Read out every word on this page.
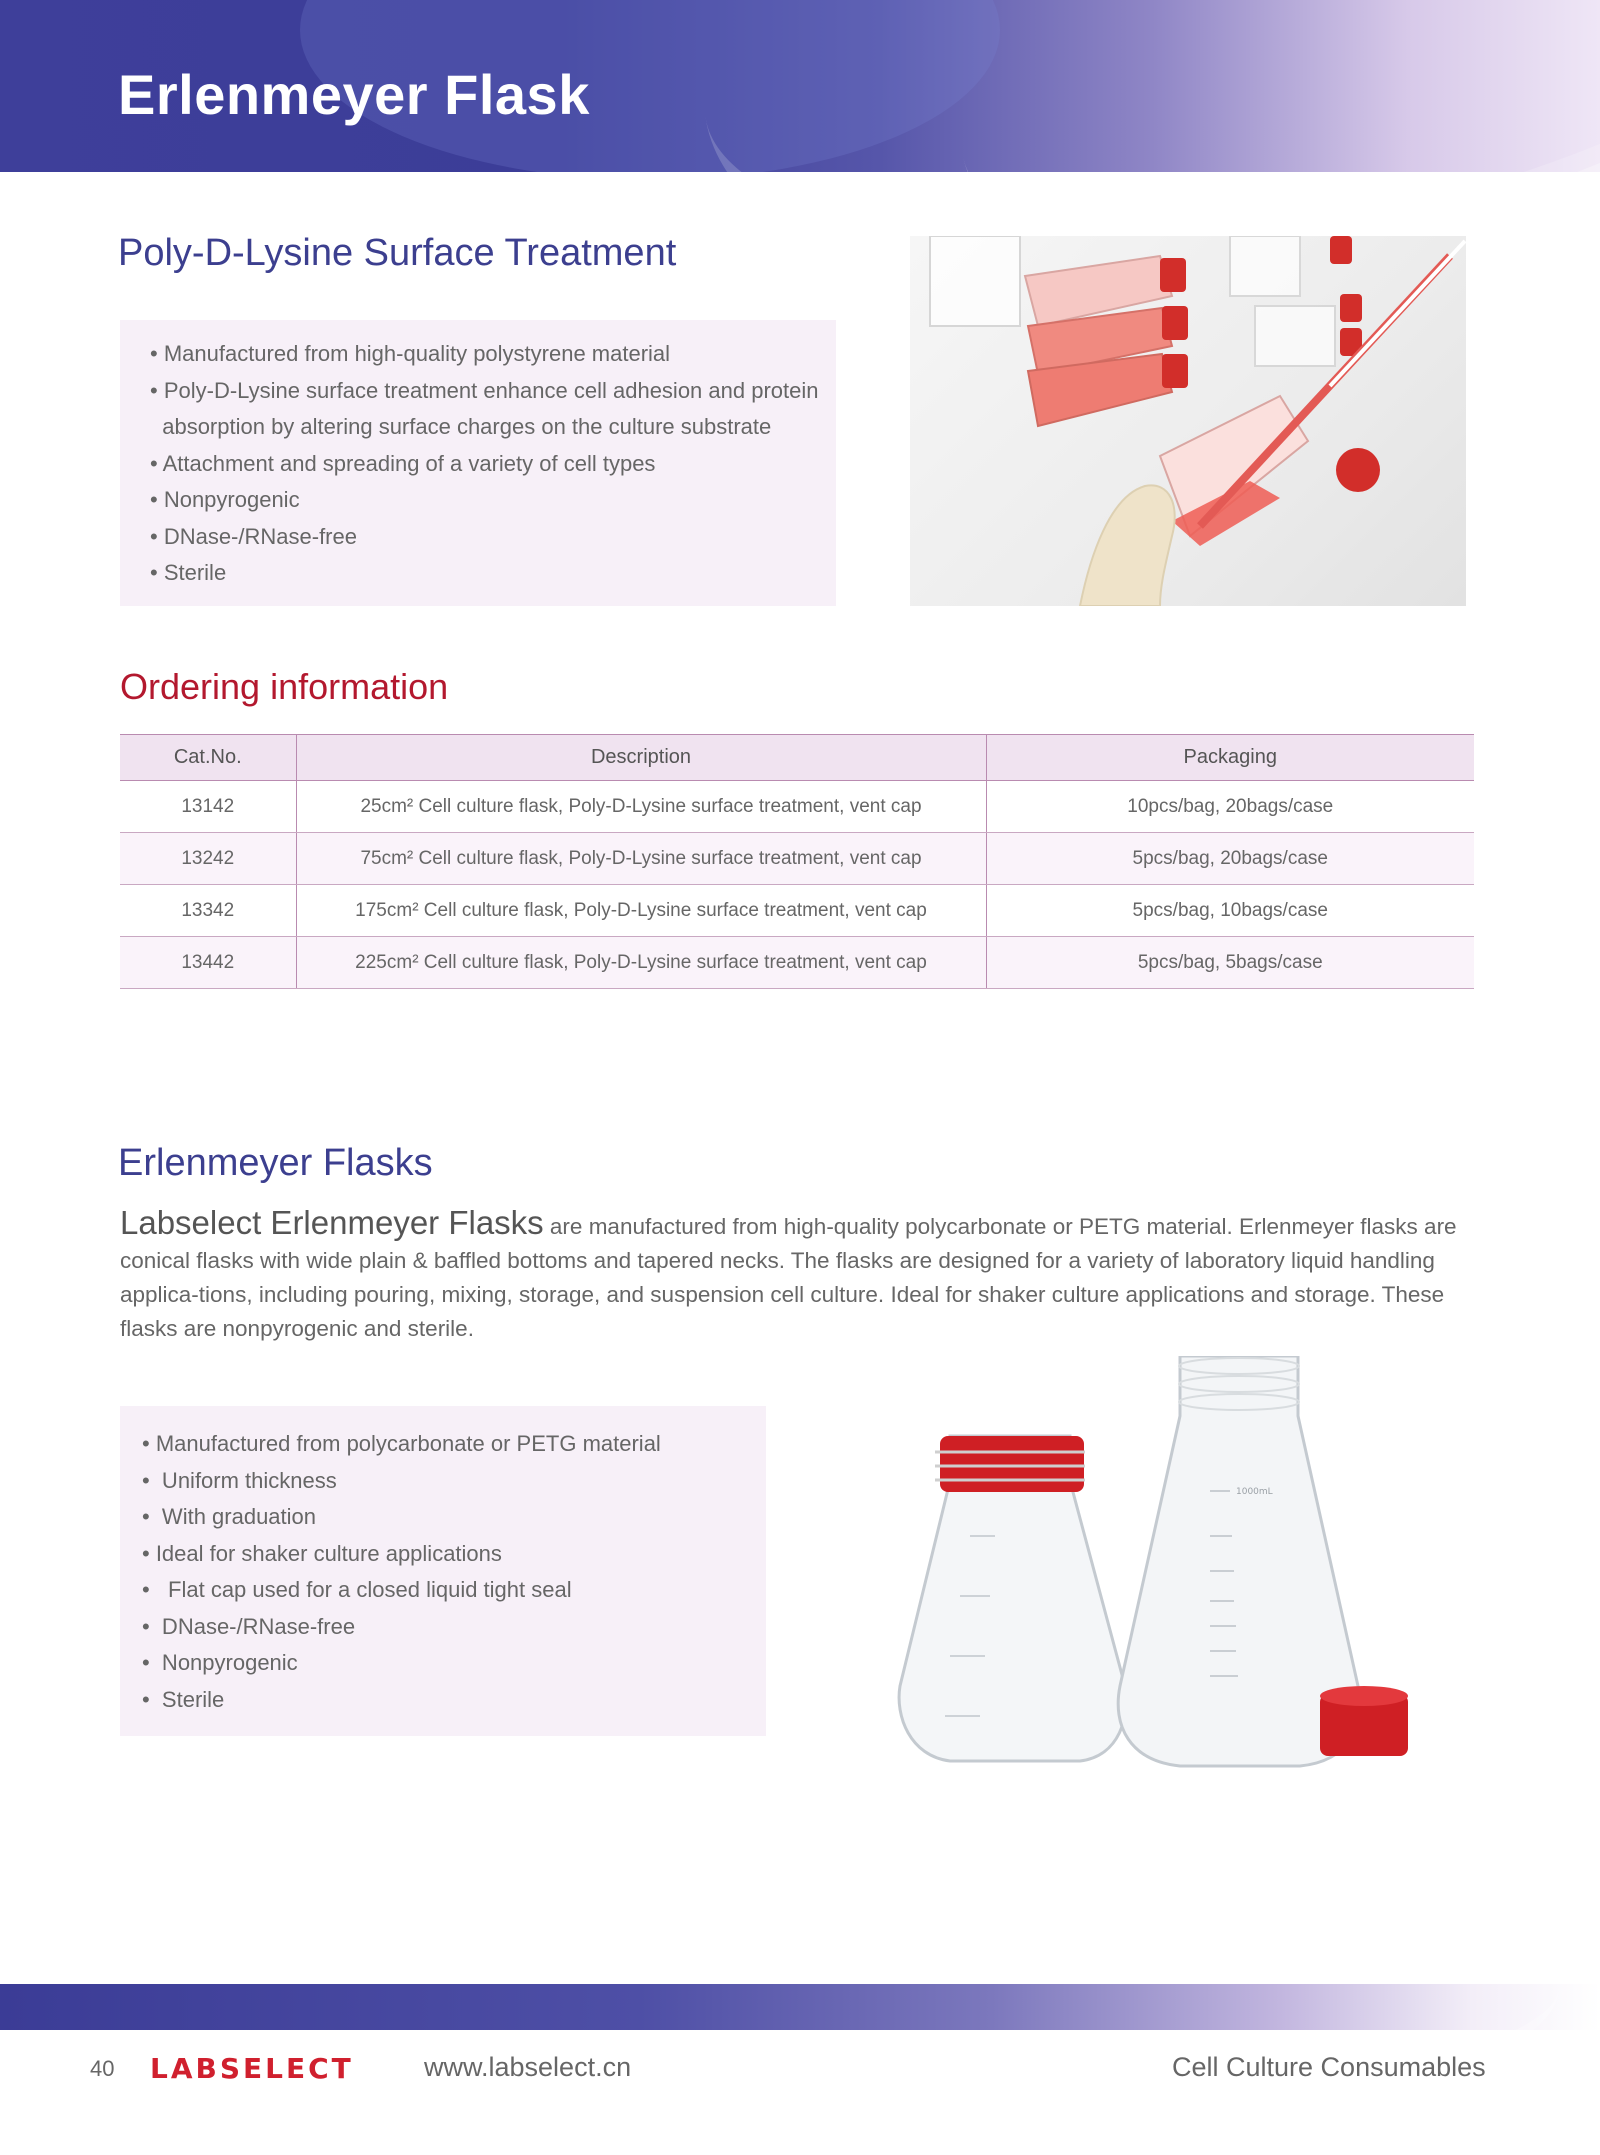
Erlenmeyer Flask
Poly-D-Lysine Surface Treatment
• Manufactured from high-quality polystyrene material
• Poly-D-Lysine surface treatment enhance cell adhesion and protein
absorption by altering surface charges on the culture substrate
• Attachment and spreading of a variety of cell types
• Nonpyrogenic
• DNase-/RNase-free
• Sterile
Ordering information
Cat.No.	Description	Packaging
13142	25cm² Cell culture flask, Poly-D-Lysine surface treatment, vent cap	10pcs/bag, 20bags/case
13242	75cm² Cell culture flask, Poly-D-Lysine surface treatment, vent cap	5pcs/bag, 20bags/case
13342	175cm² Cell culture flask, Poly-D-Lysine surface treatment, vent cap	5pcs/bag, 10bags/case
13442	225cm² Cell culture flask, Poly-D-Lysine surface treatment, vent cap	5pcs/bag, 5bags/case
Erlenmeyer Flasks

Labselect Erlenmeyer Flasks are manufactured from high-quality polycarbonate or PETG material. Erlenmeyer flasks are conical flasks with wide plain & baffled bottoms and tapered necks. The flasks are designed for a variety of laboratory liquid handling applica-tions, including pouring, mixing, storage, and suspension cell culture. Ideal for shaker culture applications and storage. These flasks are nonpyrogenic and sterile.

• Manufactured from polycarbonate or PETG material
•  Uniform thickness
•  With graduation
• Ideal for shaker culture applications
•   Flat cap used for a closed liquid tight seal
•  DNase-/RNase-free
•  Nonpyrogenic
•  Sterile
1000mL
40 LABSELECT	www.labselect.cn	Cell Culture Consumables
